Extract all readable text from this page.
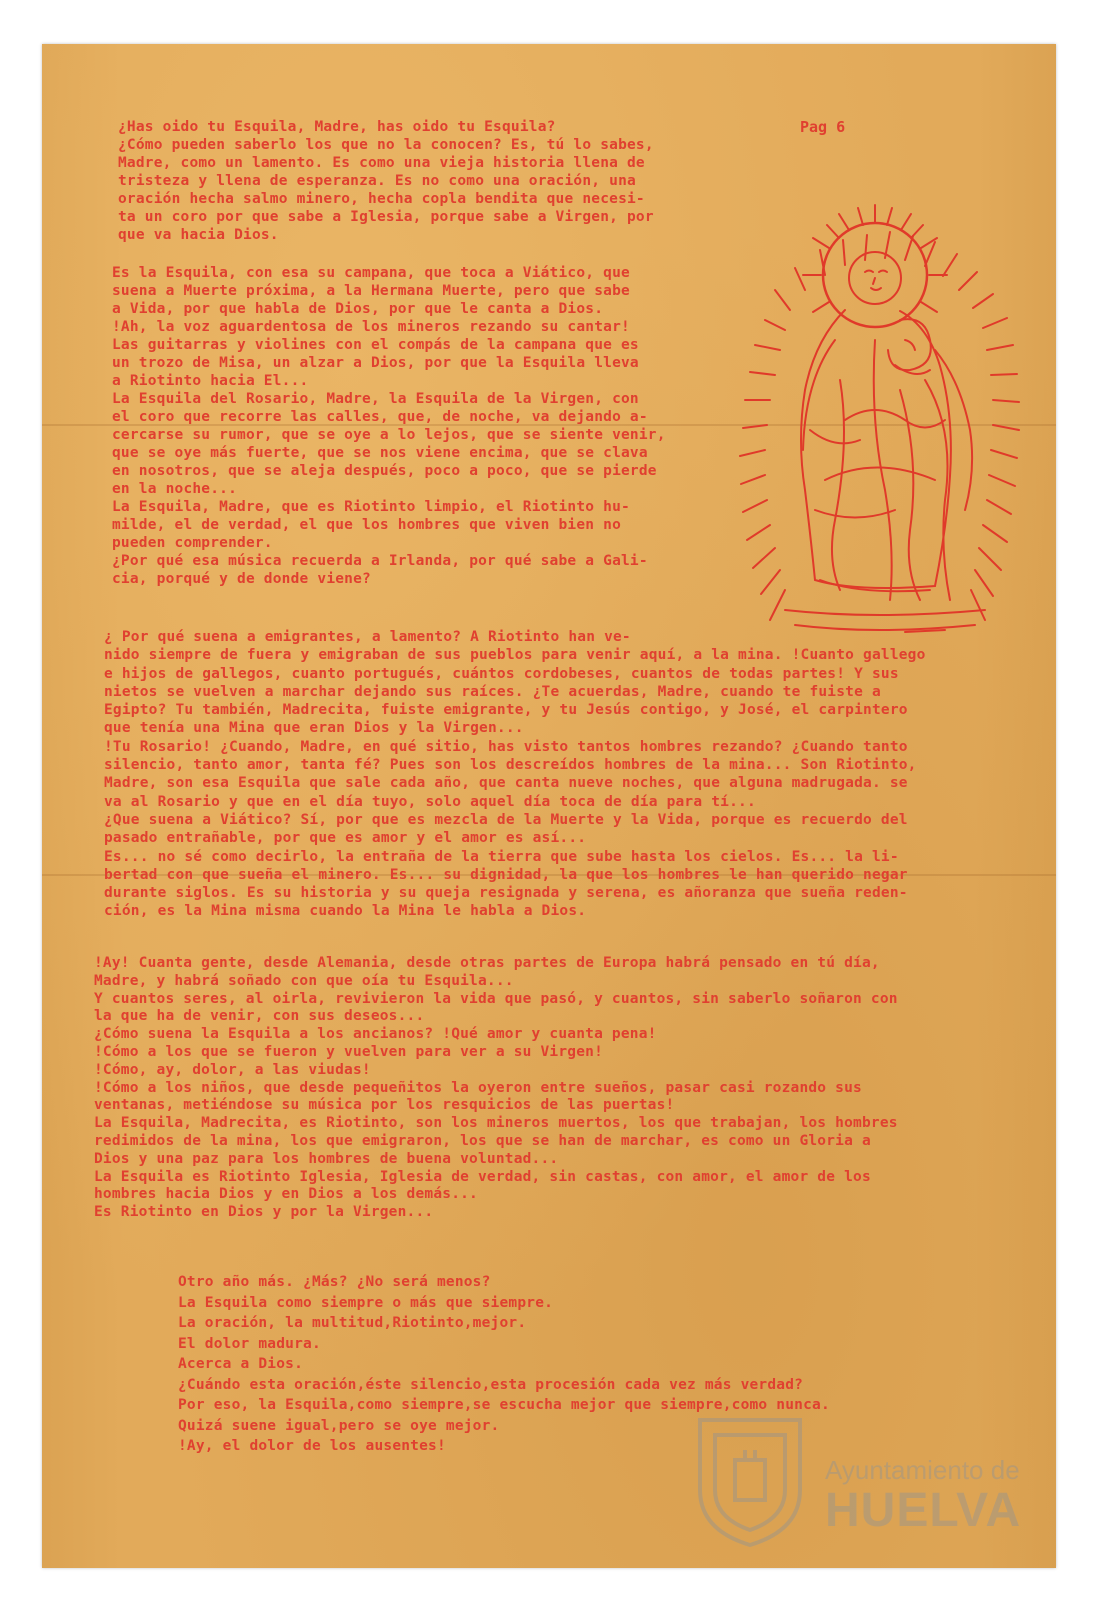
Pag 6
¿Has oido tu Esquila, Madre, has oido tu Esquila?
¿Cómo pueden saberlo los que no la conocen? Es, tú lo sabes,
Madre, como un lamento. Es como una vieja historia llena de
tristeza y llena de esperanza. Es no como una oración, una
oración hecha salmo minero, hecha copla bendita que necesi-
ta un coro por que sabe a Iglesia, porque sabe a Virgen, por
que va hacia Dios.
Es la Esquila, con esa su campana, que toca a Viático, que
suena a Muerte próxima, a la Hermana Muerte, pero que sabe
a Vida, por que habla de Dios, por que le canta a Dios.
!Ah, la voz aguardentosa de los mineros rezando su cantar!
Las guitarras y violines con el compás de la campana que es
un trozo de Misa, un alzar a Dios, por que la Esquila lleva
a Riotinto hacia El...
La Esquila del Rosario, Madre, la Esquila de la Virgen, con
el coro que recorre las calles, que, de noche, va dejando a-
cercarse su rumor, que se oye a lo lejos, que se siente venir,
que se oye más fuerte, que se nos viene encima, que se clava
en nosotros, que se aleja después, poco a poco, que se pierde
en la noche...
La Esquila, Madre, que es Riotinto limpio, el Riotinto hu-
milde, el de verdad, el que los hombres que viven bien no
pueden comprender.
¿Por qué esa música recuerda a Irlanda, por qué sabe a Gali-
cia, porqué y de donde viene?
¿ Por qué suena a emigrantes, a lamento? A Riotinto han ve-
nido siempre de fuera y emigraban de sus pueblos para venir aquí, a la mina. !Cuanto gallego
e hijos de gallegos, cuanto portugués, cuántos cordobeses, cuantos de todas partes! Y sus
nietos se vuelven a marchar dejando sus raíces. ¿Te acuerdas, Madre, cuando te fuiste a
Egipto? Tu también, Madrecita, fuiste emigrante, y tu Jesús contigo, y José, el carpintero
que tenía una Mina que eran Dios y la Virgen...
!Tu Rosario! ¿Cuando, Madre, en qué sitio, has visto tantos hombres rezando? ¿Cuando tanto
silencio, tanto amor, tanta fé? Pues son los descreídos hombres de la mina... Son Riotinto,
Madre, son esa Esquila que sale cada año, que canta nueve noches, que alguna madrugada. se
va al Rosario y que en el día tuyo, solo aquel día toca de día para tí...
¿Que suena a Viático? Sí, por que es mezcla de la Muerte y la Vida, porque es recuerdo del
pasado entrañable, por que es amor y el amor es así...
Es... no sé como decirlo, la entraña de la tierra que sube hasta los cielos. Es... la li-
bertad con que sueña el minero. Es... su dignidad, la que los hombres le han querido negar
durante siglos. Es su historia y su queja resignada y serena, es añoranza que sueña reden-
ción, es la Mina misma cuando la Mina le habla a Dios.
!Ay! Cuanta gente, desde Alemania, desde otras partes de Europa habrá pensado en tú día,
Madre, y habrá soñado con que oía tu Esquila...
Y cuantos seres, al oirla, revivieron la vida que pasó, y cuantos, sin saberlo soñaron con
la que ha de venir, con sus deseos...
¿Cómo suena la Esquila a los ancianos? !Qué amor y cuanta pena!
!Cómo a los que se fueron y vuelven para ver a su Virgen!
!Cómo, ay, dolor, a las viudas!
!Cómo a los niños, que desde pequeñitos la oyeron entre sueños, pasar casi rozando sus
ventanas, metiéndose su música por los resquicios de las puertas!
La Esquila, Madrecita, es Riotinto, son los mineros muertos, los que trabajan, los hombres
redimidos de la mina, los que emigraron, los que se han de marchar, es como un Gloria a
Dios y una paz para los hombres de buena voluntad...
La Esquila es Riotinto Iglesia, Iglesia de verdad, sin castas, con amor, el amor de los
hombres hacia Dios y en Dios a los demás...
Es Riotinto en Dios y por la Virgen...
Otro año más. ¿Más? ¿No será menos?
La Esquila como siempre o más que siempre.
La oración, la multitud,Riotinto,mejor.
El dolor madura.
Acerca a Dios.
¿Cuándo esta oración,éste silencio,esta procesión cada vez más verdad?
Por eso, la Esquila,como siempre,se escucha mejor que siempre,como nunca.
Quizá suene igual,pero se oye mejor.
!Ay, el dolor de los ausentes!
Ayuntamiento de
HUELVA
